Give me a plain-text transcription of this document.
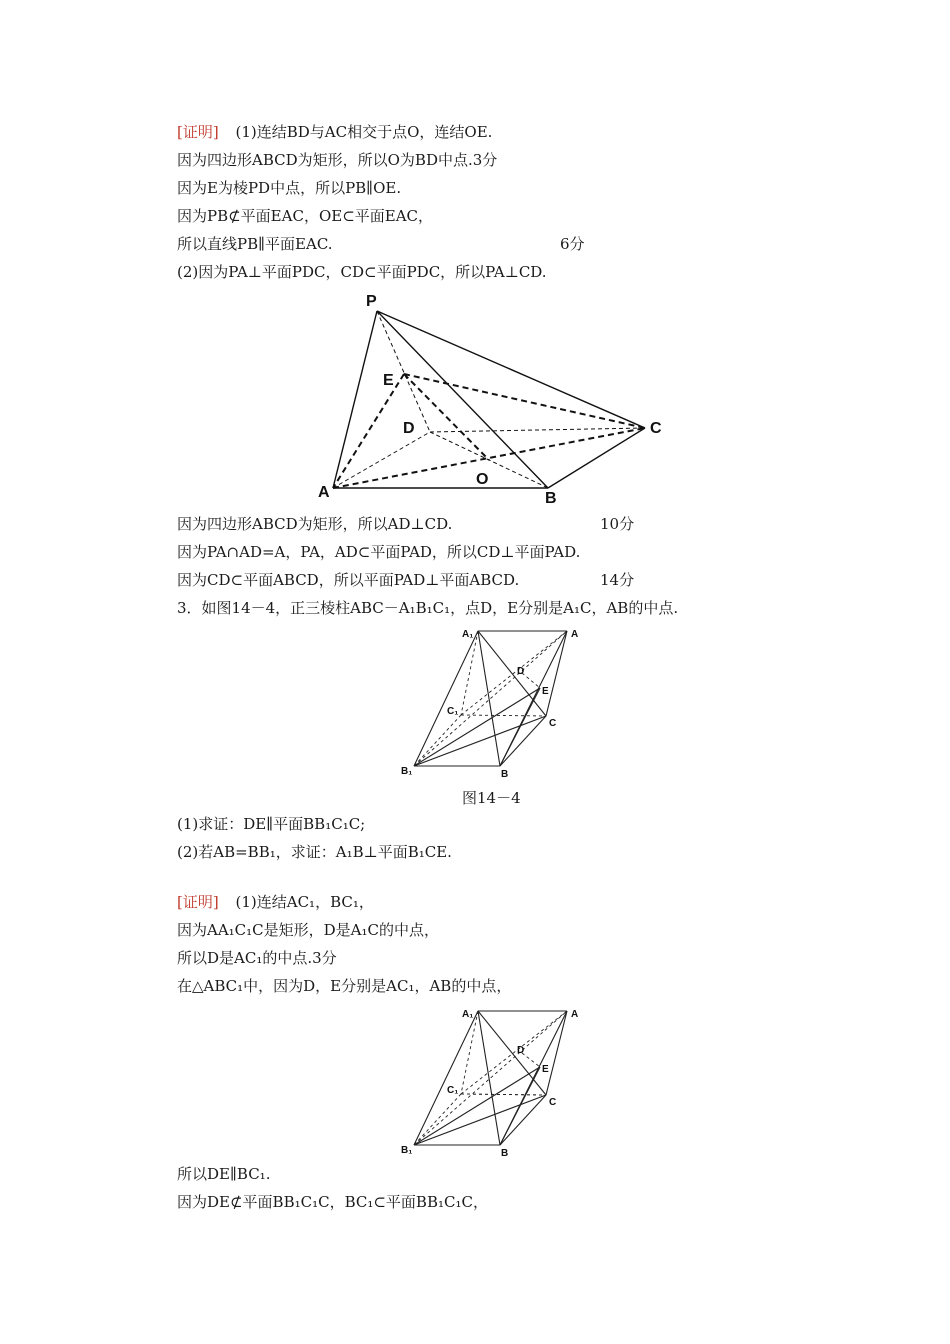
[证明] (1)连结BD与AC相交于点O，连结OE.
因为四边形ABCD为矩形，所以O为BD中点.3分
因为E为棱PD中点，所以PB∥OE.
因为PB⊄平面EAC，OE⊂平面EAC，
所以直线PB∥平面EAC.	6分
(2)因为PA⊥平面PDC，CD⊂平面PDC，所以PA⊥CD.
P
E
D	C
A
O
B
A₁	A
D
E
C₁
C
B₁	B
A₁	A
D
E
C₁
C
B₁	B
因为四边形ABCD为矩形，所以AD⊥CD.	10分
因为PA∩AD=A，PA，AD⊂平面PAD，所以CD⊥平面PAD.
因为CD⊂平面ABCD，所以平面PAD⊥平面ABCD.	14分
3．如图14－4，正三棱柱ABC－A₁B₁C₁，点D，E分别是A₁C，AB的中点.
图14－4
(1)求证：DE∥平面BB₁C₁C;
(2)若AB=BB₁，求证：A₁B⊥平面B₁CE.
[证明] (1)连结AC₁，BC₁，
因为AA₁C₁C是矩形，D是A₁C的中点，
所以D是AC₁的中点.3分
在△ABC₁中，因为D，E分别是AC₁，AB的中点，
所以DE∥BC₁.
因为DE⊄平面BB₁C₁C，BC₁⊂平面BB₁C₁C，
